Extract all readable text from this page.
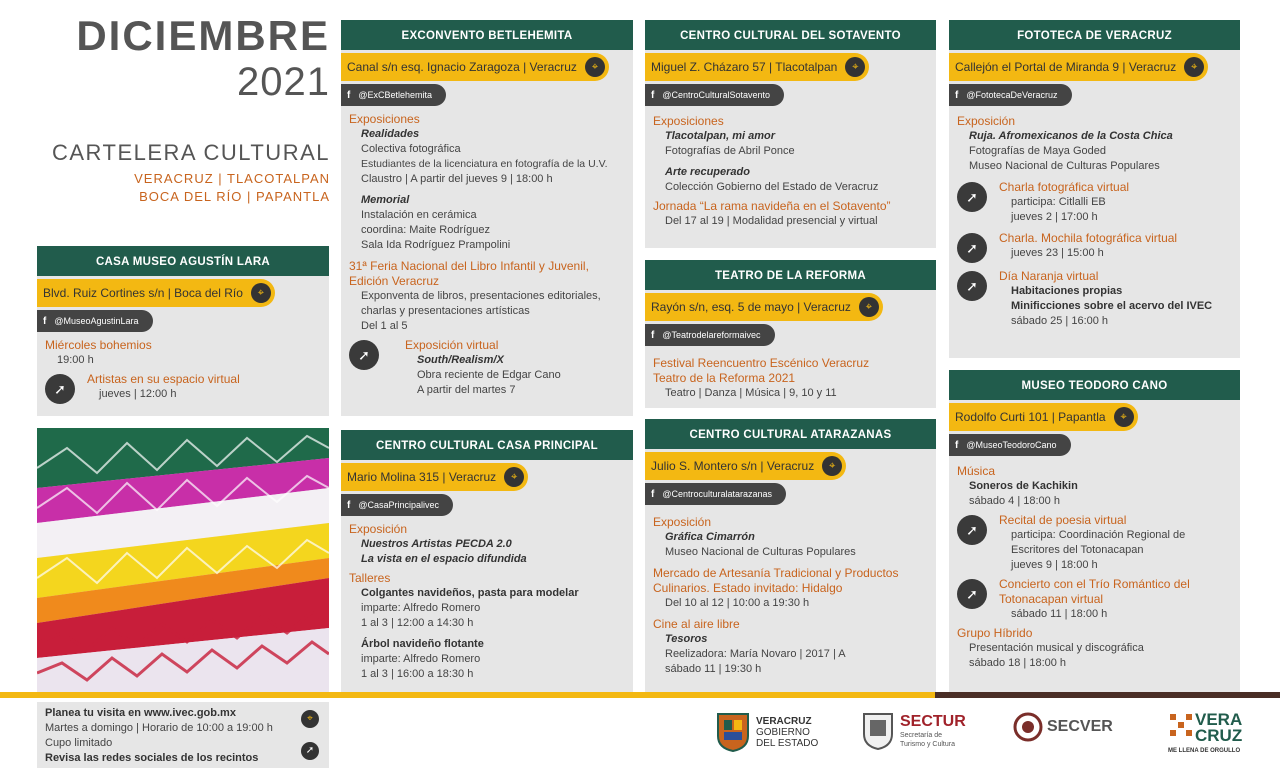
DICIEMBRE
2021
CARTELERA CULTURAL
VERACRUZ | TLACOTALPAN
BOCA DEL RÍO | PAPANTLA
CASA MUSEO AGUSTÍN LARA
Blvd. Ruiz Cortines s/n | Boca del Río	⌖
f @MuseoAgustinLara
Miércoles bohemios
19:00 h
➚
Artistas en su espacio virtual
jueves | 12:00 h
EXCONVENTO BETLEHEMITA
Canal s/n esq. Ignacio Zaragoza | Veracruz	⌖
f @ExCBetlehemita
Exposiciones
Realidades
Colectiva fotográfica
Estudiantes de la licenciatura en fotografía de la U.V.
Claustro | A partir del jueves 9 | 18:00 h
Memorial
Instalación en cerámica
coordina: Maite Rodríguez
Sala Ida Rodríguez Prampolini
31ª Feria Nacional del Libro Infantil y Juvenil, Edición Veracruz
Exponventa de libros, presentaciones editoriales, charlas y presentaciones artísticas
Del 1 al 5
➚
Exposición virtual
South/Realism/X
Obra reciente de Edgar Cano
A partir del martes 7
CENTRO CULTURAL CASA PRINCIPAL
Mario Molina 315 | Veracruz	⌖
f @CasaPrincipalivec
Exposición
Nuestros Artistas PECDA 2.0
La vista en el espacio difundida
Talleres
Colgantes navideños, pasta para modelar
imparte: Alfredo Romero
1 al 3 | 12:00 a 14:30 h
Árbol navideño flotante
imparte: Alfredo Romero
1 al 3 | 16:00 a 18:30 h
CENTRO CULTURAL DEL SOTAVENTO
Miguel Z. Cházaro 57 | Tlacotalpan	⌖
f @CentroCulturalSotavento
Exposiciones
Tlacotalpan, mi amor
Fotografías de Abril Ponce
Arte recuperado
Colección Gobierno del Estado de Veracruz
Jornada “La rama navideña en el Sotavento”
Del 17 al 19 | Modalidad presencial y virtual
TEATRO DE LA REFORMA
Rayón s/n, esq. 5 de mayo | Veracruz	⌖
f @Teatrodelareformaivec
Festival Reencuentro Escénico Veracruz
Teatro de la Reforma 2021
Teatro | Danza | Música | 9, 10 y 11
CENTRO CULTURAL ATARAZANAS
Julio S. Montero s/n | Veracruz	⌖
f @Centroculturalatarazanas
Exposición
Gráfica Cimarrón
Museo Nacional de Culturas Populares
Mercado de Artesanía Tradicional y Productos Culinarios. Estado invitado: Hidalgo
Del 10 al 12 | 10:00 a 19:30 h
Cine al aire libre
Tesoros
Reelizadora: María Novaro | 2017 | A
sábado 11 | 19:30 h
FOTOTECA DE VERACRUZ
Callejón el Portal de Miranda 9 | Veracruz	⌖
f @FototecaDeVeracruz
Exposición
Ruja. Afromexicanos de la Costa Chica
Fotografías de Maya Goded
Museo Nacional de Culturas Populares
➚
Charla fotográfica virtual
participa: Citlalli EB
jueves 2 | 17:00 h
➚
Charla. Mochila fotográfica virtual
jueves 23 | 15:00 h
➚
Día Naranja virtual
Habitaciones propias
Minificciones sobre el acervo del IVEC
sábado 25 | 16:00 h
MUSEO TEODORO CANO
Rodolfo Curti 101 | Papantla	⌖
f @MuseoTeodoroCano
Música
Soneros de Kachikin
sábado 4 | 18:00 h
➚
Recital de poesia virtual
participa: Coordinación Regional de Escritores del Totonacapan
jueves 9 | 18:00 h
➚
Concierto con el Trío Romántico del Totonacapan virtual
sábado 11 | 18:00 h
Grupo Híbrido
Presentación musical y discográfica
sábado 18 | 18:00 h
Planea tu visita en www.ivec.gob.mx
Martes a domingo | Horario de 10:00 a 19:00 h
Cupo limitado
Revisa las redes sociales de los recintos
⌖
➚
VERACRUZ
GOBIERNO
DEL ESTADO
SECTUR
Secretaría de
Turismo y Cultura
SECVER	VERA
CRUZ
ME LLENA DE ORGULLO
